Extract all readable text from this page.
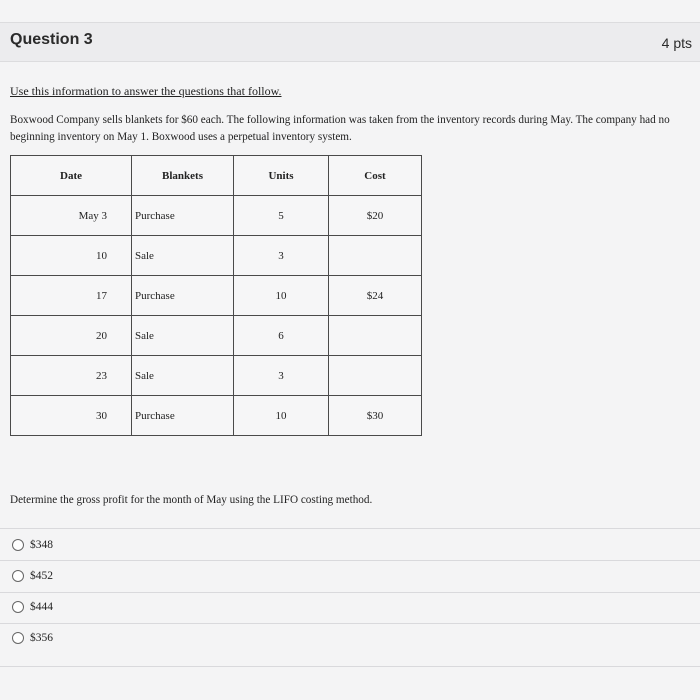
Question 3	4 pts
Use this information to answer the questions that follow.
Boxwood Company sells blankets for $60 each. The following information was taken from the inventory records during May. The company had no beginning inventory on May 1. Boxwood uses a perpetual inventory system.
Date	Blankets	Units	Cost
May 3	Purchase	5	$20
10	Sale	3	
17	Purchase	10	$24
20	Sale	6	
23	Sale	3	
30	Purchase	10	$30
Determine the gross profit for the month of May using the LIFO costing method.
$348
$452
$444
$356
